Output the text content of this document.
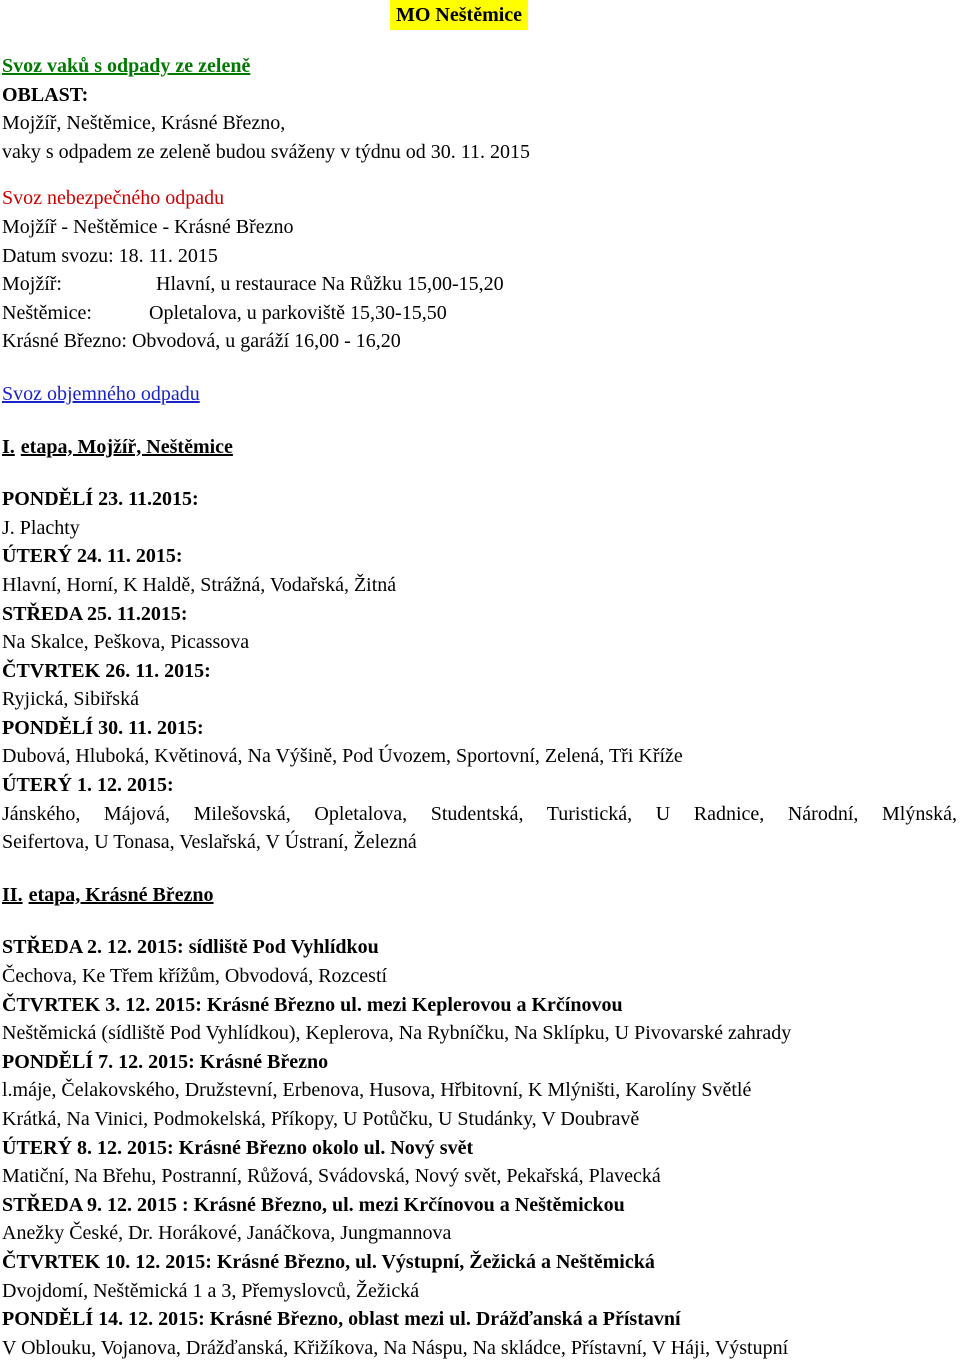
MO Neštěmice
Svoz vaků s odpady ze zeleně
OBLAST:
Mojžíř, Neštěmice, Krásné Březno,
vaky s odpadem ze zeleně budou sváženy v týdnu od 30. 11. 2015
Svoz nebezpečného odpadu
Mojžíř - Neštěmice - Krásné Březno
Datum svozu: 18. 11. 2015
Mojžíř:	Hlavní, u restaurace Na Růžku 15,00-15,20
Neštěmice:	Opletalova, u parkoviště 15,30-15,50
Krásné Březno: Obvodová, u garáží 16,00 - 16,20
Svoz objemného odpadu
I. etapa, Mojžíř, Neštěmice
PONDĚLÍ 23. 11.2015:
J. Plachty
ÚTERÝ 24. 11. 2015:
Hlavní, Horní, K Haldě, Strážná, Vodařská, Žitná
STŘEDA 25. 11.2015:
Na Skalce, Peškova, Picassova
ČTVRTEK 26. 11. 2015:
Ryjická, Sibiřská
PONDĚLÍ 30. 11. 2015:
Dubová, Hluboká, Květinová, Na Výšině, Pod Úvozem, Sportovní, Zelená, Tři Kříže
ÚTERÝ 1. 12. 2015:
Jánského, Májová, Milešovská, Opletalova, Studentská, Turistická, U Radnice, Národní, Mlýnská,
Seifertova, U Tonasa, Veslařská, V Ústraní, Železná
II. etapa, Krásné Březno
STŘEDA 2. 12. 2015: sídliště Pod Vyhlídkou
Čechova, Ke Třem křížům, Obvodová, Rozcestí
ČTVRTEK 3. 12. 2015: Krásné Březno ul. mezi Keplerovou a Krčínovou
Neštěmická (sídliště Pod Vyhlídkou), Keplerova, Na Rybníčku, Na Sklípku, U Pivovarské zahrady
PONDĚLÍ 7. 12. 2015: Krásné Březno
l.máje, Čelakovského, Družstevní, Erbenova, Husova, Hřbitovní, K Mlýništi, Karolíny Světlé
Krátká, Na Vinici, Podmokelská, Příkopy, U Potůčku, U Studánky, V Doubravě
ÚTERÝ 8. 12. 2015: Krásné Březno okolo ul. Nový svět
Matiční, Na Břehu, Postranní, Růžová, Svádovská, Nový svět, Pekařská, Plavecká
STŘEDA 9. 12. 2015 : Krásné Březno, ul. mezi Krčínovou a Neštěmickou
Anežky České, Dr. Horákové, Janáčkova, Jungmannova
ČTVRTEK 10. 12. 2015: Krásné Březno, ul. Výstupní, Žežická a Neštěmická
Dvojdomí, Neštěmická 1 a 3, Přemyslovců, Žežická
PONDĚLÍ 14. 12. 2015: Krásné Březno, oblast mezi ul. Drážďanská a Přístavní
V Oblouku, Vojanova, Drážďanská, Křižíkova, Na Náspu, Na skládce, Přístavní, V Háji, Výstupní
